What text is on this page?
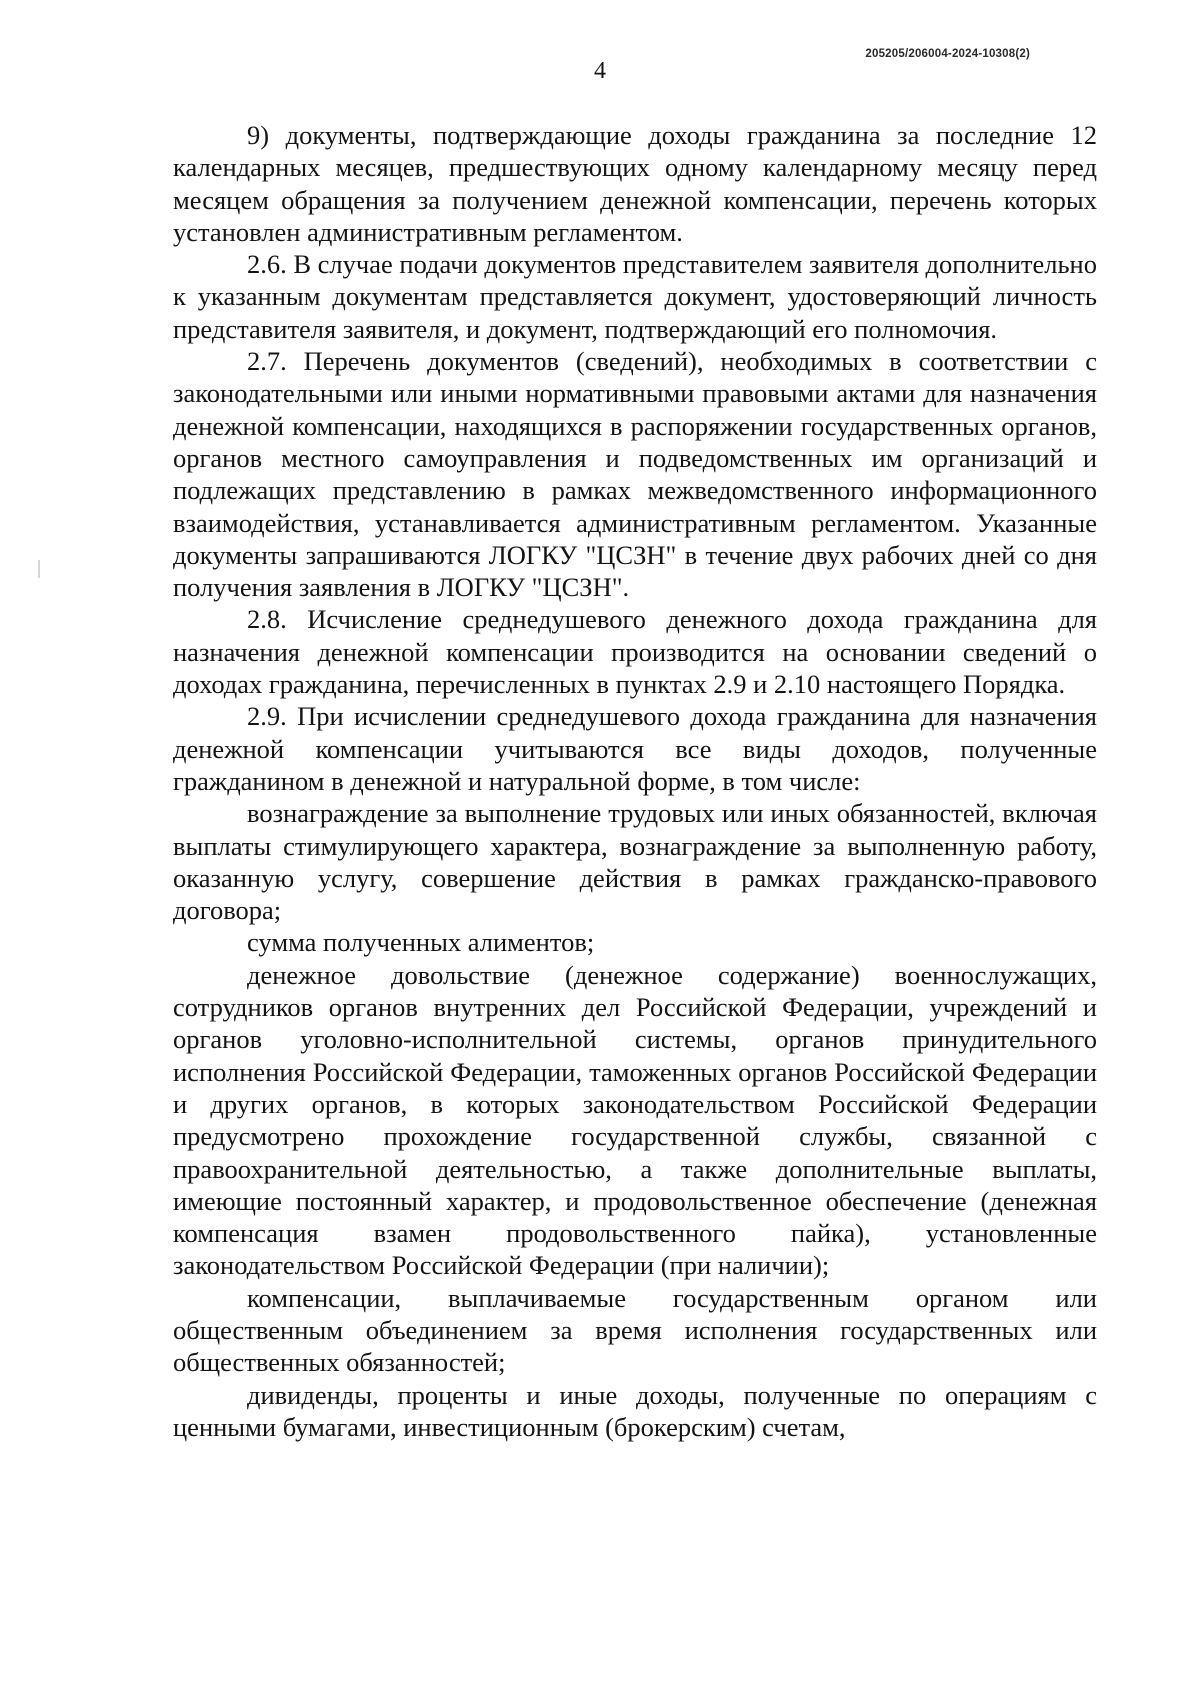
205205/206004-2024-10308(2)
4

9) документы, подтверждающие доходы гражданина за последние 12 календарных месяцев, предшествующих одному календарному месяцу перед месяцем обращения за получением денежной компенсации, перечень которых установлен административным регламентом.

2.6. В случае подачи документов представителем заявителя дополнительно к указанным документам представляется документ, удостоверяющий личность представителя заявителя, и документ, подтверждающий его полномочия.

2.7. Перечень документов (сведений), необходимых в соответствии с законодательными или иными нормативными правовыми актами для назначения денежной компенсации, находящихся в распоряжении государственных органов, органов местного самоуправления и подведомственных им организаций и подлежащих представлению в рамках межведомственного информационного взаимодействия, устанавливается административным регламентом. Указанные документы запрашиваются ЛОГКУ "ЦСЗН" в течение двух рабочих дней со дня получения заявления в ЛОГКУ "ЦСЗН".

2.8. Исчисление среднедушевого денежного дохода гражданина для назначения денежной компенсации производится на основании сведений о доходах гражданина, перечисленных в пунктах 2.9 и 2.10 настоящего Порядка.

2.9. При исчислении среднедушевого дохода гражданина для назначения денежной компенсации учитываются все виды доходов, полученные гражданином в денежной и натуральной форме, в том числе:

вознаграждение за выполнение трудовых или иных обязанностей, включая выплаты стимулирующего характера, вознаграждение за выполненную работу, оказанную услугу, совершение действия в рамках гражданско-правового договора;

сумма полученных алиментов;

денежное довольствие (денежное содержание) военнослужащих, сотрудников органов внутренних дел Российской Федерации, учреждений и органов уголовно-исполнительной системы, органов принудительного исполнения Российской Федерации, таможенных органов Российской Федерации и других органов, в которых законодательством Российской Федерации предусмотрено прохождение государственной службы, связанной с правоохранительной деятельностью, а также дополнительные выплаты, имеющие постоянный характер, и продовольственное обеспечение (денежная компенсация взамен продовольственного пайка), установленные законодательством Российской Федерации (при наличии);

компенсации, выплачиваемые государственным органом или общественным объединением за время исполнения государственных или общественных обязанностей;

дивиденды, проценты и иные доходы, полученные по операциям с ценными бумагами, инвестиционным (брокерским) счетам,
